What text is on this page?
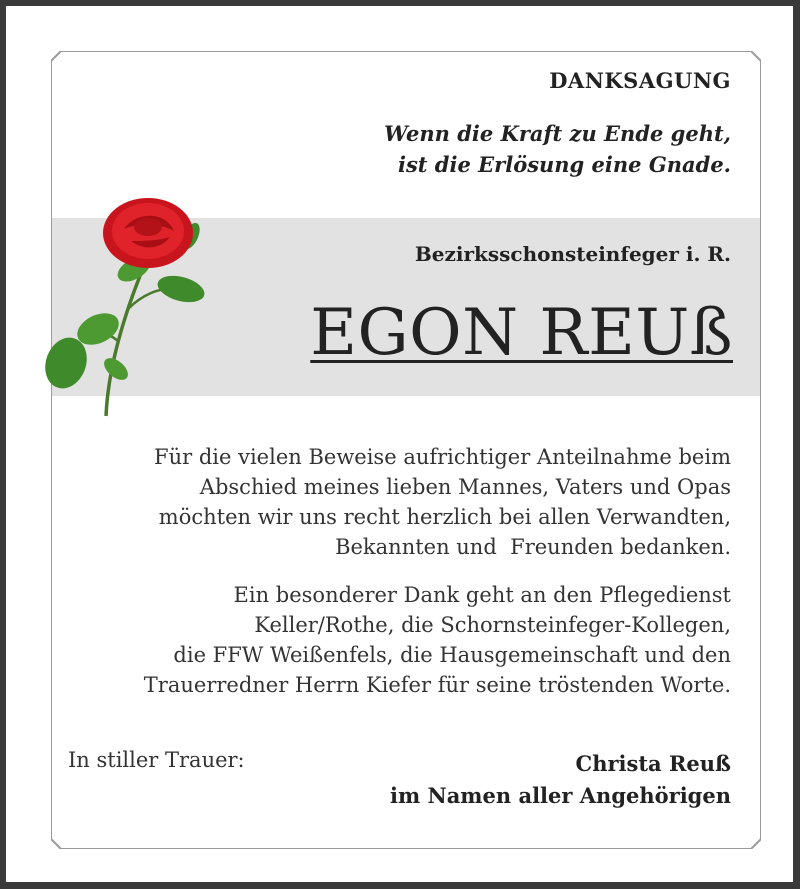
DANKSAGUNG
Wenn die Kraft zu Ende geht,
ist die Erlösung eine Gnade.
Bezirksschonsteinfeger i. R.
EGON REUß
Für die vielen Beweise aufrichtiger Anteilnahme beim
Abschied meines lieben Mannes, Vaters und Opas
möchten wir uns recht herzlich bei allen Verwandten,
Bekannten und  Freunden bedanken.
Ein besonderer Dank geht an den Pflegedienst
Keller/Rothe, die Schornsteinfeger-Kollegen,
die FFW Weißenfels, die Hausgemeinschaft und den
Trauerredner Herrn Kiefer für seine tröstenden Worte.
In stiller Trauer:	Christa Reuß
im Namen aller Angehörigen
